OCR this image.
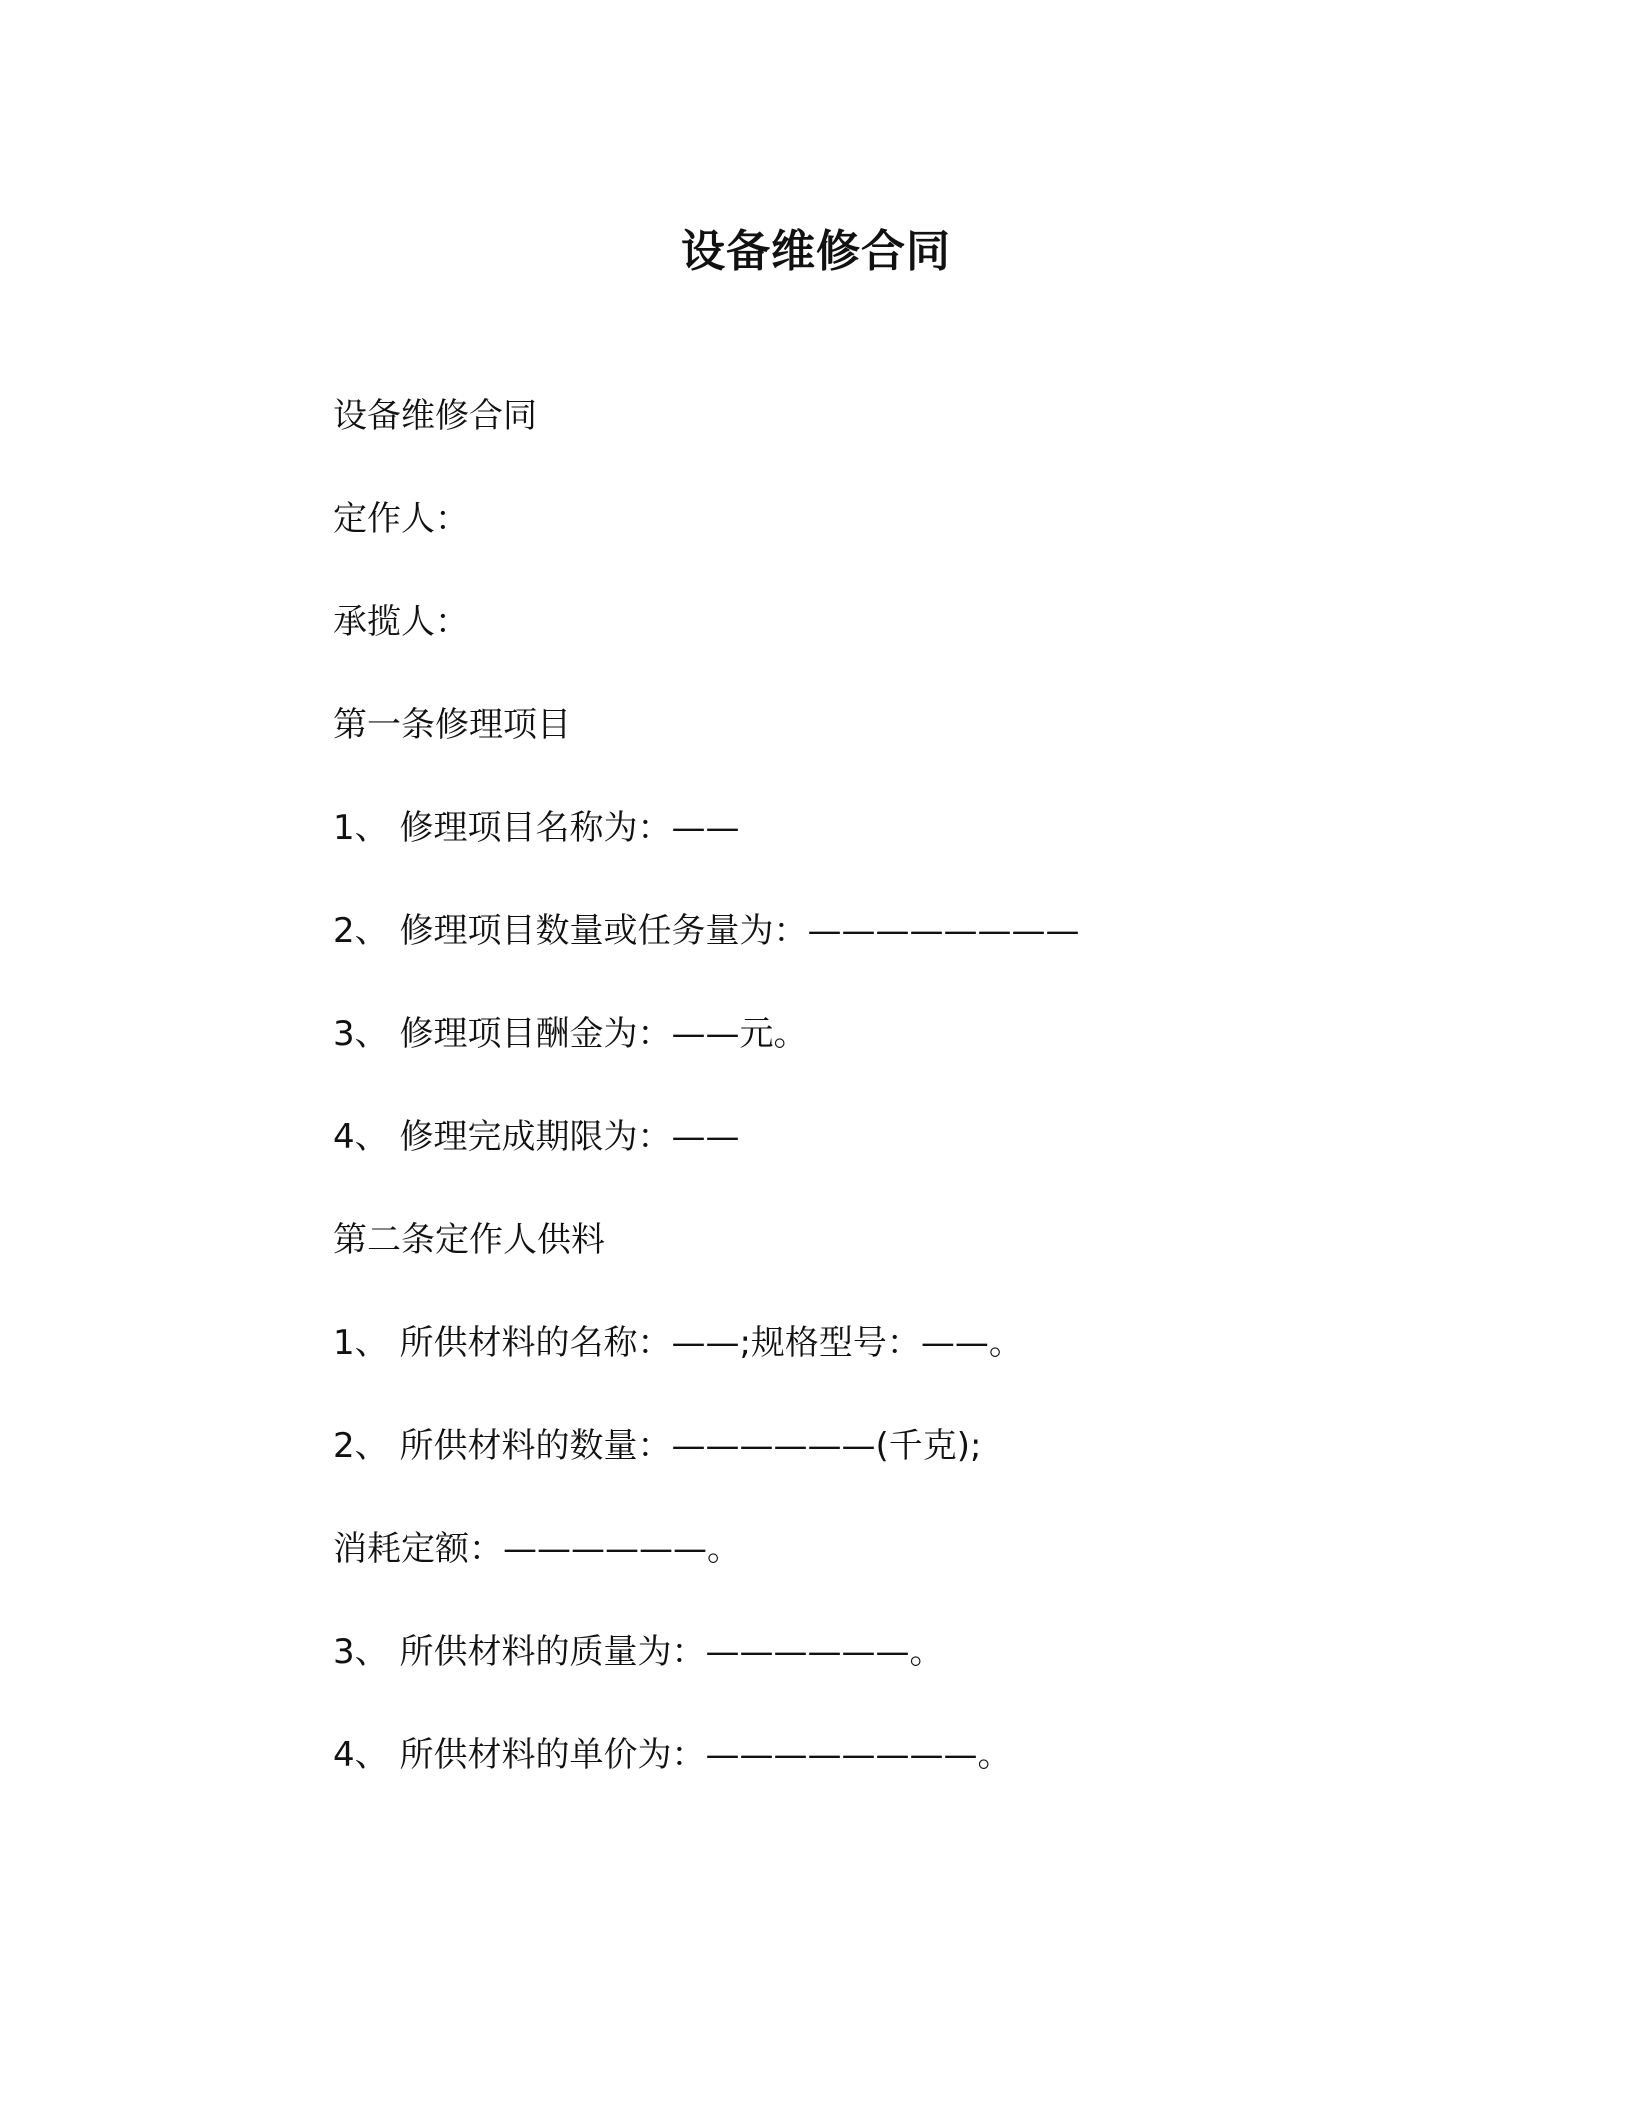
设备维修合同
设备维修合同
定作人：
承揽人：
第一条修理项目
1、 修理项目名称为：——
2、 修理项目数量或任务量为：————————
3、 修理项目酬金为：——元。
4、 修理完成期限为：——
第二条定作人供料
1、 所供材料的名称：——;规格型号：——。
2、 所供材料的数量：——————(千克);
消耗定额：——————。
3、 所供材料的质量为：——————。
4、 所供材料的单价为：————————。
